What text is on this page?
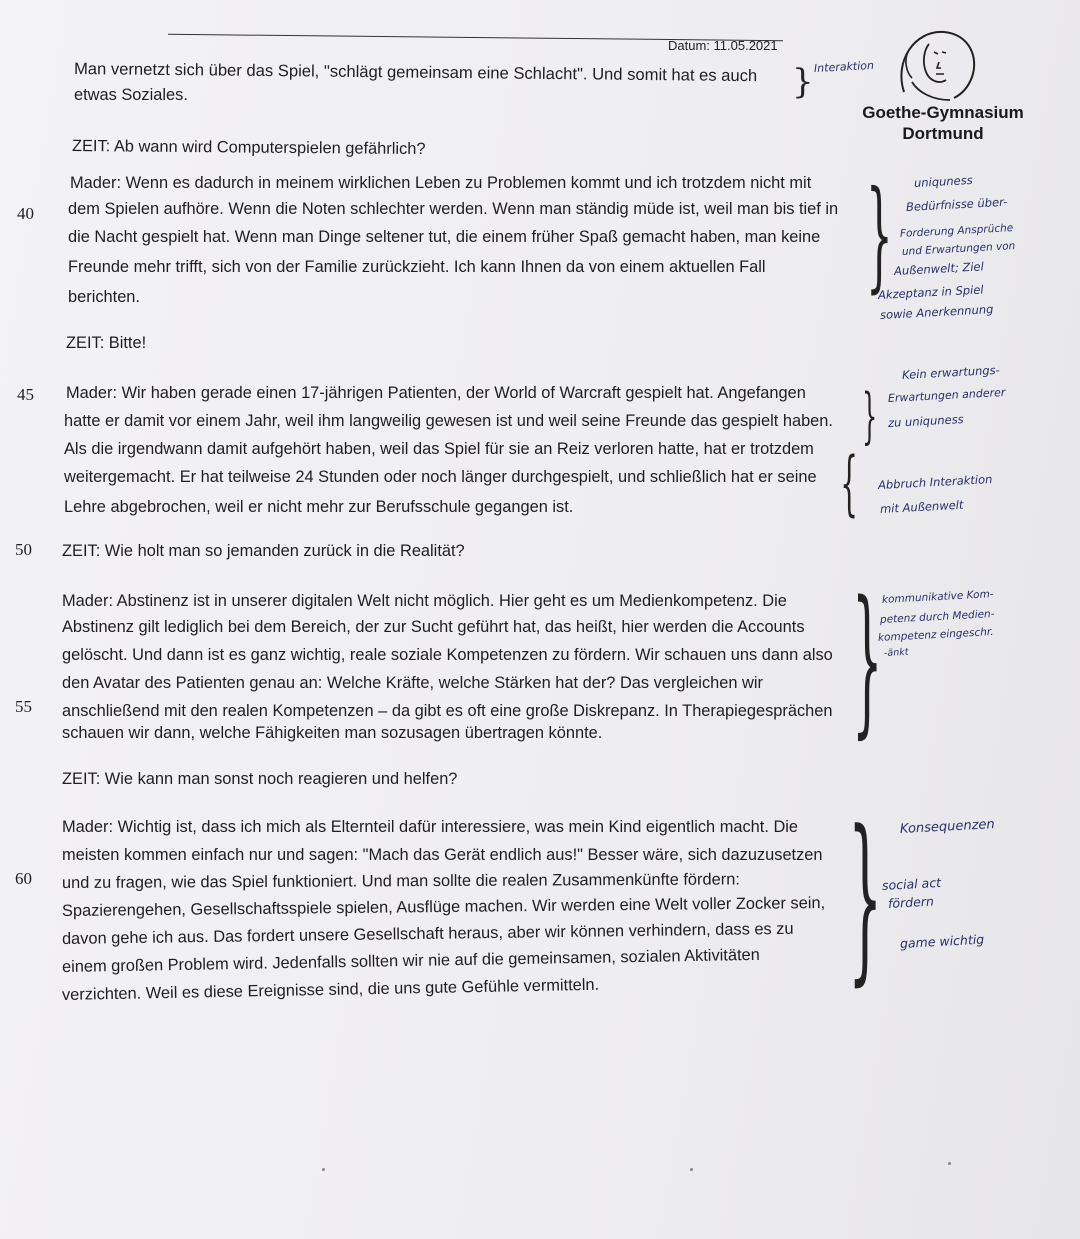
Datum: 11.05.2021
Goethe-Gymnasium
Dortmund
40
45
50
55
60
Man vernetzt sich über das Spiel, "schlägt gemeinsam eine Schlacht". Und somit hat es auch
etwas Soziales.
ZEIT: Ab wann wird Computerspielen gefährlich?
Mader: Wenn es dadurch in meinem wirklichen Leben zu Problemen kommt und ich trotzdem nicht mit
dem Spielen aufhöre. Wenn die Noten schlechter werden. Wenn man ständig müde ist, weil man bis tief in
die Nacht gespielt hat. Wenn man Dinge seltener tut, die einem früher Spaß gemacht haben, man keine
Freunde mehr trifft, sich von der Familie zurückzieht. Ich kann Ihnen da von einem aktuellen Fall
berichten.
ZEIT: Bitte!
Mader: Wir haben gerade einen 17-jährigen Patienten, der World of Warcraft gespielt hat. Angefangen
hatte er damit vor einem Jahr, weil ihm langweilig gewesen ist und weil seine Freunde das gespielt haben.
Als die irgendwann damit aufgehört haben, weil das Spiel für sie an Reiz verloren hatte, hat er trotzdem
weitergemacht. Er hat teilweise 24 Stunden oder noch länger durchgespielt, und schließlich hat er seine
Lehre abgebrochen, weil er nicht mehr zur Berufsschule gegangen ist.
ZEIT: Wie holt man so jemanden zurück in die Realität?
Mader: Abstinenz ist in unserer digitalen Welt nicht möglich. Hier geht es um Medienkompetenz. Die
Abstinenz gilt lediglich bei dem Bereich, der zur Sucht geführt hat, das heißt, hier werden die Accounts
gelöscht. Und dann ist es ganz wichtig, reale soziale Kompetenzen zu fördern. Wir schauen uns dann also
den Avatar des Patienten genau an: Welche Kräfte, welche Stärken hat der? Das vergleichen wir
anschließend mit den realen Kompetenzen – da gibt es oft eine große Diskrepanz. In Therapiegesprächen
schauen wir dann, welche Fähigkeiten man sozusagen übertragen könnte.
ZEIT: Wie kann man sonst noch reagieren und helfen?
Mader: Wichtig ist, dass ich mich als Elternteil dafür interessiere, was mein Kind eigentlich macht. Die
meisten kommen einfach nur und sagen: "Mach das Gerät endlich aus!" Besser wäre, sich dazuzusetzen
und zu fragen, wie das Spiel funktioniert. Und man sollte die realen Zusammenkünfte fördern:
Spazierengehen, Gesellschaftsspiele spielen, Ausflüge machen. Wir werden eine Welt voller Zocker sein,
davon gehe ich aus. Das fordert unsere Gesellschaft heraus, aber wir können verhindern, dass es zu
einem großen Problem wird. Jedenfalls sollten wir nie auf die gemeinsamen, sozialen Aktivitäten
verzichten. Weil es diese Ereignisse sind, die uns gute Gefühle vermitteln.
}
}
}
}
}
}
Interaktion
uniquness
Bedürfnisse über-
Forderung Ansprüche
und Erwartungen von
Außenwelt; Ziel
Akzeptanz in Spiel
sowie Anerkennung
Kein erwartungs-
Erwartungen anderer
zu uniquness
Abbruch Interaktion
mit Außenwelt
kommunikative Kom-
petenz durch Medien-
kompetenz eingeschr.
-änkt
Konsequenzen
social act
fördern
game wichtig
